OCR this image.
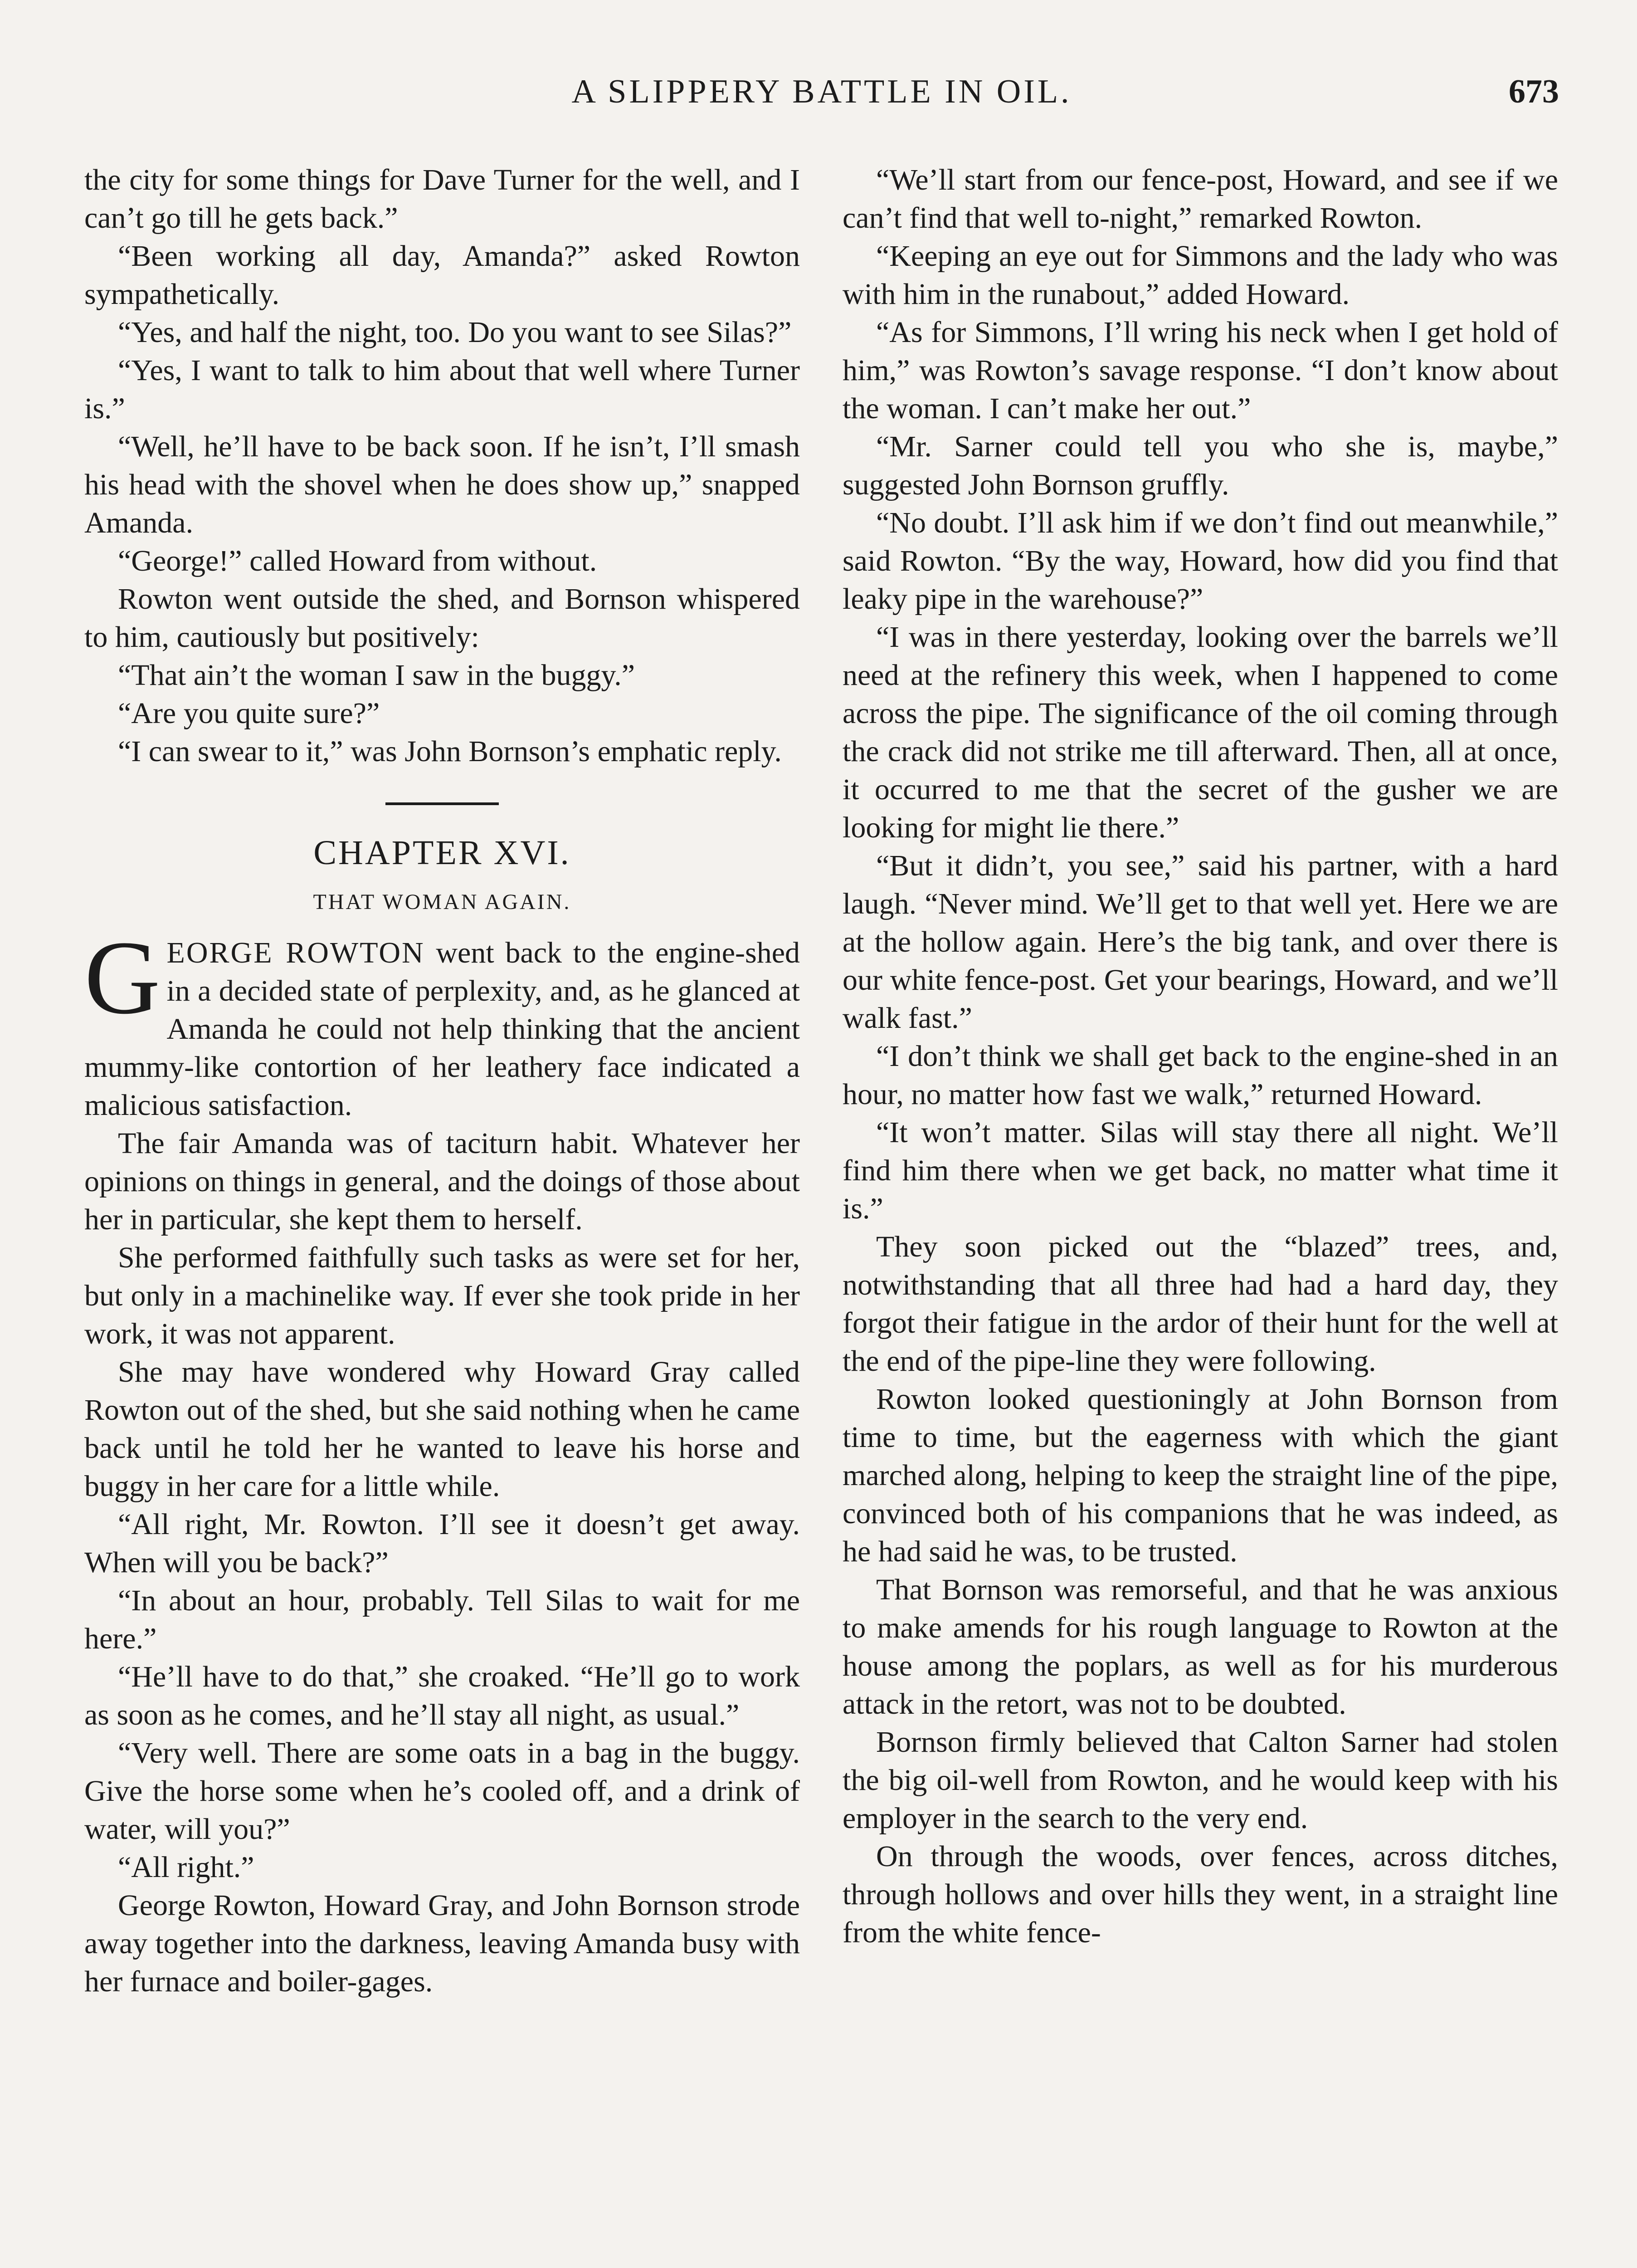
A SLIPPERY BATTLE IN OIL.	673

the city for some things for Dave Turner for the well, and I can’t go till he gets back.”

“Been working all day, Amanda?” asked Rowton sympathetically.

“Yes, and half the night, too. Do you want to see Silas?”

“Yes, I want to talk to him about that well where Turner is.”

“Well, he’ll have to be back soon. If he isn’t, I’ll smash his head with the shovel when he does show up,” snapped Amanda.

“George!” called Howard from without.

Rowton went outside the shed, and Bornson whispered to him, cautiously but positively:

“That ain’t the woman I saw in the buggy.”

“Are you quite sure?”

“I can swear to it,” was John Bornson’s emphatic reply.

CHAPTER XVI.
THAT WOMAN AGAIN.

GEORGE ROWTON went back to the engine-shed in a decided state of perplexity, and, as he glanced at Amanda he could not help thinking that the ancient mummy-like contortion of her leathery face indicated a malicious satisfaction.

The fair Amanda was of taciturn habit. Whatever her opinions on things in general, and the doings of those about her in particular, she kept them to herself.

She performed faithfully such tasks as were set for her, but only in a machinelike way. If ever she took pride in her work, it was not apparent.

She may have wondered why Howard Gray called Rowton out of the shed, but she said nothing when he came back until he told her he wanted to leave his horse and buggy in her care for a little while.

“All right, Mr. Rowton. I’ll see it doesn’t get away. When will you be back?”

“In about an hour, probably. Tell Silas to wait for me here.”

“He’ll have to do that,” she croaked. “He’ll go to work as soon as he comes, and he’ll stay all night, as usual.”

“Very well. There are some oats in a bag in the buggy. Give the horse some when he’s cooled off, and a drink of water, will you?”

“All right.”

George Rowton, Howard Gray, and John Bornson strode away together into the darkness, leaving Amanda busy with her furnace and boiler-gages.

“We’ll start from our fence-post, Howard, and see if we can’t find that well to-night,” remarked Rowton.

“Keeping an eye out for Simmons and the lady who was with him in the runabout,” added Howard.

“As for Simmons, I’ll wring his neck when I get hold of him,” was Rowton’s savage response. “I don’t know about the woman. I can’t make her out.”

“Mr. Sarner could tell you who she is, maybe,” suggested John Bornson gruffly.

“No doubt. I’ll ask him if we don’t find out meanwhile,” said Rowton. “By the way, Howard, how did you find that leaky pipe in the warehouse?”

“I was in there yesterday, looking over the barrels we’ll need at the refinery this week, when I happened to come across the pipe. The significance of the oil coming through the crack did not strike me till afterward. Then, all at once, it occurred to me that the secret of the gusher we are looking for might lie there.”

“But it didn’t, you see,” said his partner, with a hard laugh. “Never mind. We’ll get to that well yet. Here we are at the hollow again. Here’s the big tank, and over there is our white fence-post. Get your bearings, Howard, and we’ll walk fast.”

“I don’t think we shall get back to the engine-shed in an hour, no matter how fast we walk,” returned Howard.

“It won’t matter. Silas will stay there all night. We’ll find him there when we get back, no matter what time it is.”

They soon picked out the “blazed” trees, and, notwithstanding that all three had had a hard day, they forgot their fatigue in the ardor of their hunt for the well at the end of the pipe-line they were following.

Rowton looked questioningly at John Bornson from time to time, but the eagerness with which the giant marched along, helping to keep the straight line of the pipe, convinced both of his companions that he was indeed, as he had said he was, to be trusted.

That Bornson was remorseful, and that he was anxious to make amends for his rough language to Rowton at the house among the poplars, as well as for his murderous attack in the retort, was not to be doubted.

Bornson firmly believed that Calton Sarner had stolen the big oil-well from Rowton, and he would keep with his employer in the search to the very end.

On through the woods, over fences, across ditches, through hollows and over hills they went, in a straight line from the white fence-
